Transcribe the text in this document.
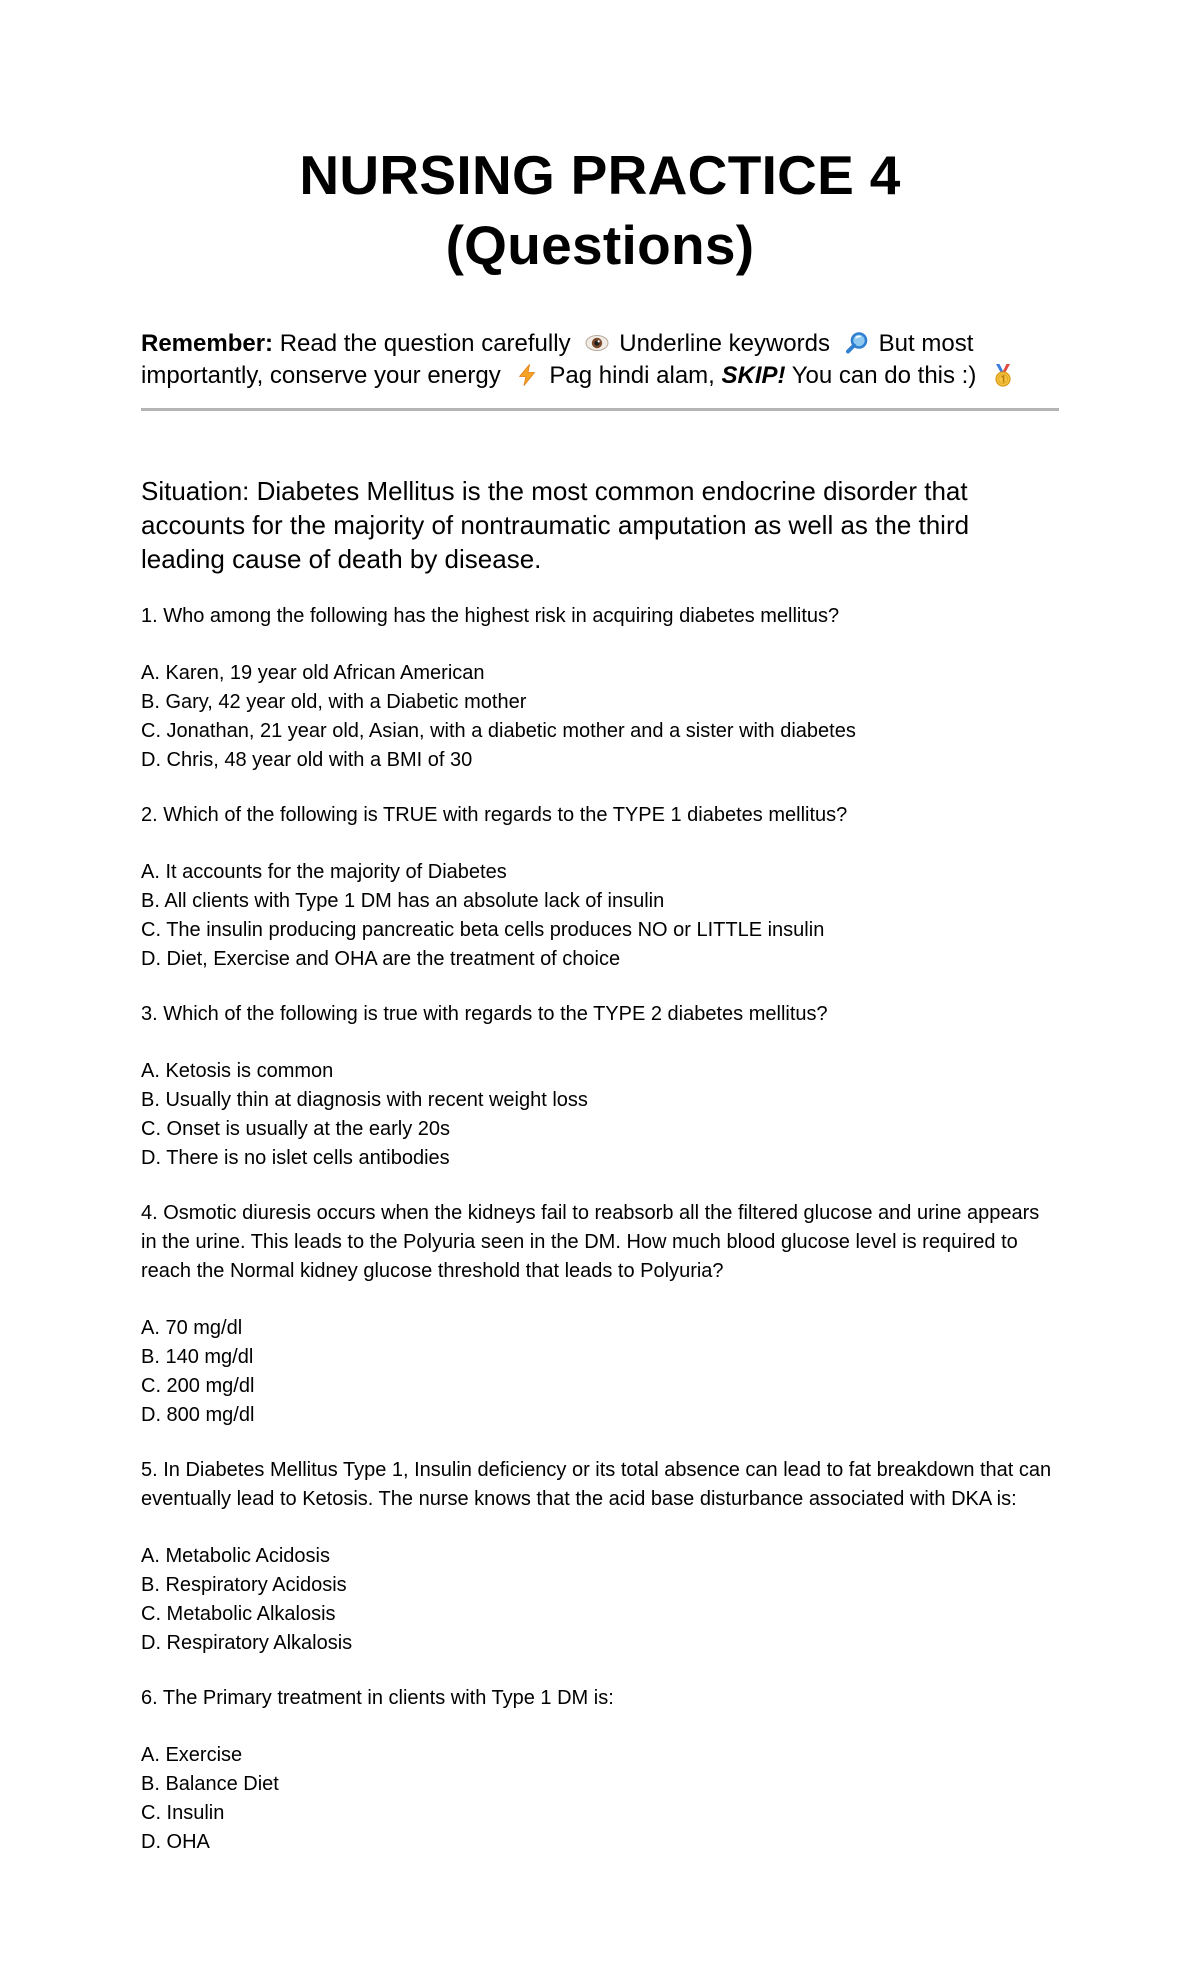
NURSING PRACTICE 4 (Questions)
Remember: Read the question carefully Underline keywords But most importantly, conserve your energy Pag hindi alam, SKIP! You can do this :)

Situation: Diabetes Mellitus is the most common endocrine disorder that accounts for the majority of nontraumatic amputation as well as the third leading cause of death by disease.

1. Who among the following has the highest risk in acquiring diabetes mellitus?
A. Karen, 19 year old African American
B. Gary, 42 year old, with a Diabetic mother
C. Jonathan, 21 year old, Asian, with a diabetic mother and a sister with diabetes
D. Chris, 48 year old with a BMI of 30
2. Which of the following is TRUE with regards to the TYPE 1 diabetes mellitus?
A. It accounts for the majority of Diabetes
B. All clients with Type 1 DM has an absolute lack of insulin
C. The insulin producing pancreatic beta cells produces NO or LITTLE insulin
D. Diet, Exercise and OHA are the treatment of choice
3. Which of the following is true with regards to the TYPE 2 diabetes mellitus?
A. Ketosis is common
B. Usually thin at diagnosis with recent weight loss
C. Onset is usually at the early 20s
D. There is no islet cells antibodies
4. Osmotic diuresis occurs when the kidneys fail to reabsorb all the filtered glucose and urine appears in the urine. This leads to the Polyuria seen in the DM. How much blood glucose level is required to reach the Normal kidney glucose threshold that leads to Polyuria?
A. 70 mg/dl
B. 140 mg/dl
C. 200 mg/dl
D. 800 mg/dl
5. In Diabetes Mellitus Type 1, Insulin deficiency or its total absence can lead to fat breakdown that can eventually lead to Ketosis. The nurse knows that the acid base disturbance associated with DKA is:
A. Metabolic Acidosis
B. Respiratory Acidosis
C. Metabolic Alkalosis
D. Respiratory Alkalosis
6. The Primary treatment in clients with Type 1 DM is:
A. Exercise
B. Balance Diet
C. Insulin
D. OHA
